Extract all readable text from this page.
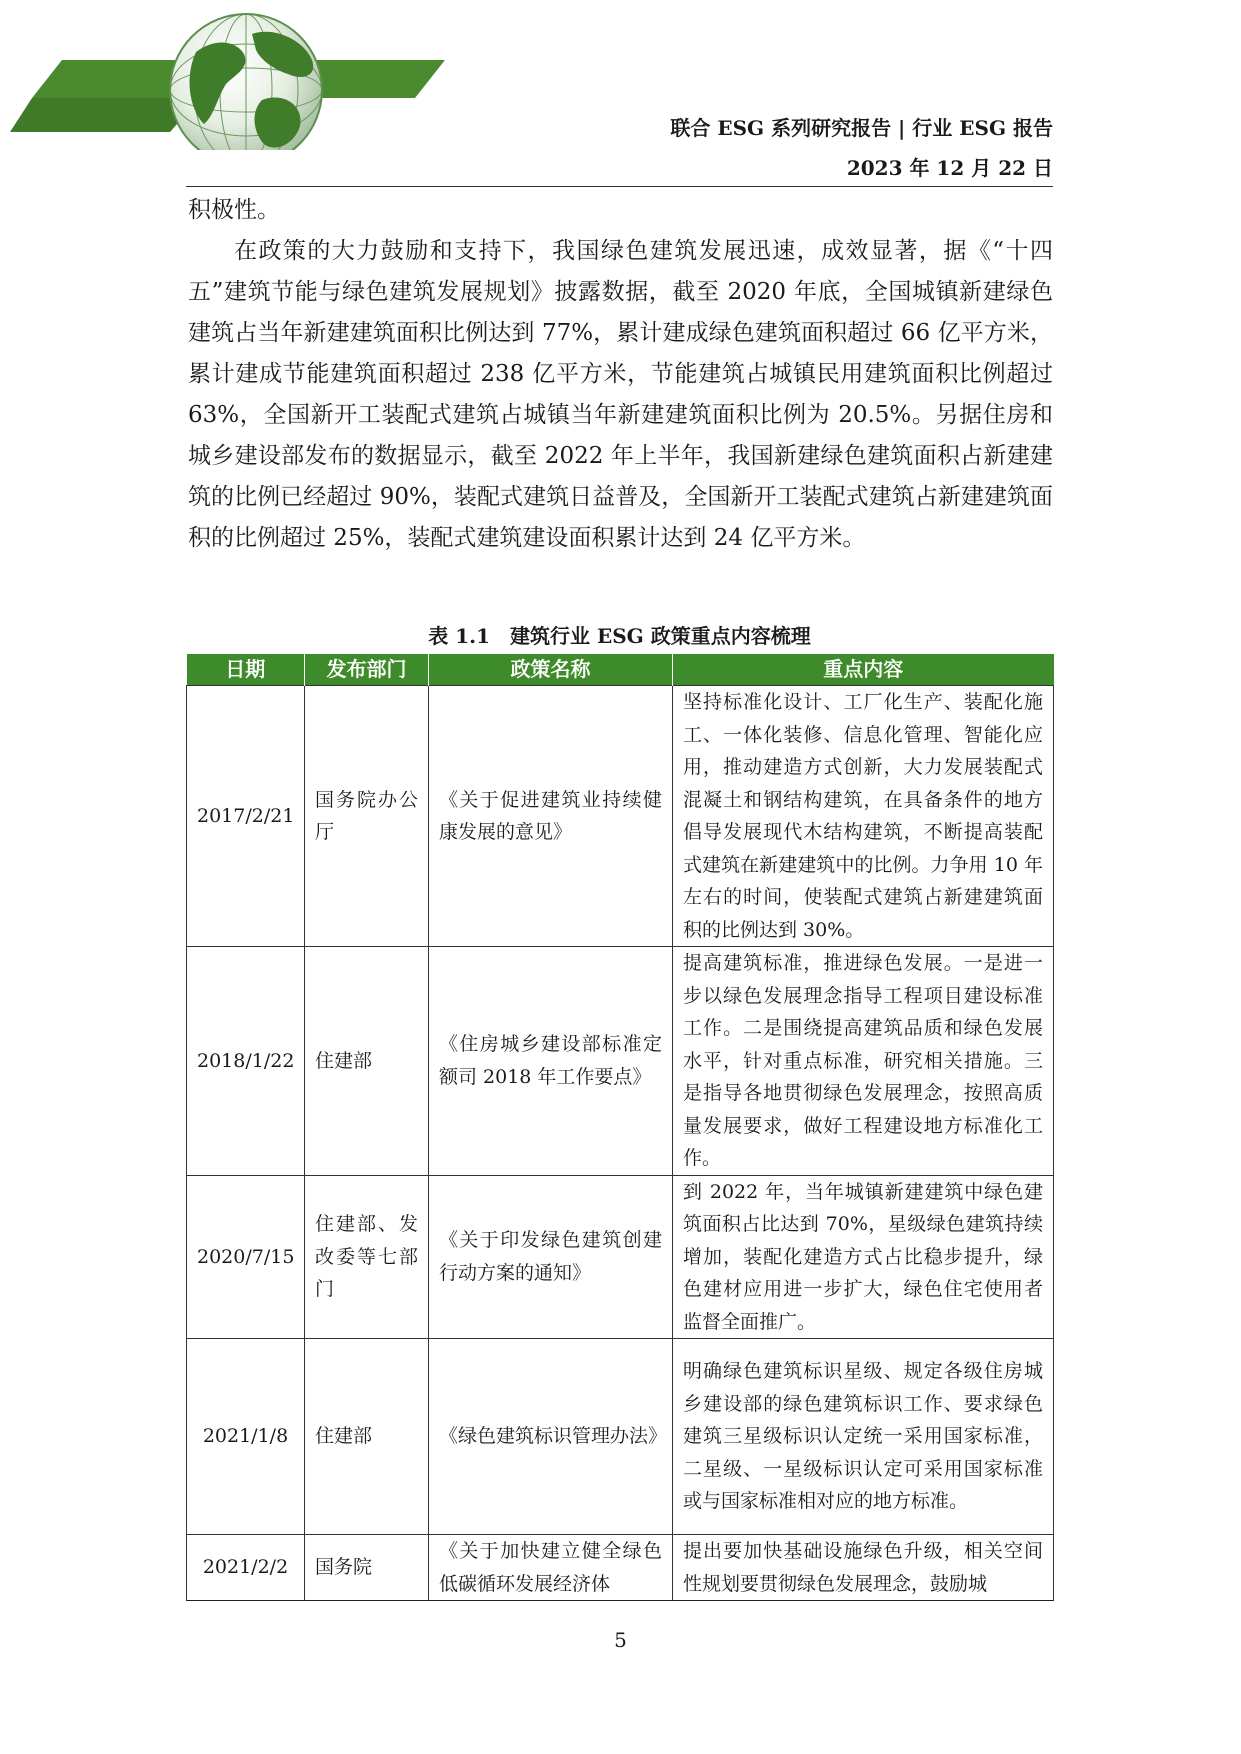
联合 ESG 系列研究报告 | 行业 ESG 报告
2023 年 12 月 22 日

积极性。

在政策的大力鼓励和支持下，我国绿色建筑发展迅速，成效显著，据《“十四五”建筑节能与绿色建筑发展规划》披露数据，截至 2020 年底，全国城镇新建绿色建筑占当年新建建筑面积比例达到 77%，累计建成绿色建筑面积超过 66 亿平方米，累计建成节能建筑面积超过 238 亿平方米，节能建筑占城镇民用建筑面积比例超过 63%，全国新开工装配式建筑占城镇当年新建建筑面积比例为 20.5%。另据住房和城乡建设部发布的数据显示，截至 2022 年上半年，我国新建绿色建筑面积占新建建筑的比例已经超过 90%，装配式建筑日益普及，全国新开工装配式建筑占新建建筑面积的比例超过 25%，装配式建筑建设面积累计达到 24 亿平方米。

表 1.1　建筑行业 ESG 政策重点内容梳理
日期	发布部门	政策名称	重点内容
2017/2/21	国务院办公厅	《关于促进建筑业持续健康发展的意见》	坚持标准化设计、工厂化生产、装配化施工、一体化装修、信息化管理、智能化应用，推动建造方式创新，大力发展装配式混凝土和钢结构建筑，在具备条件的地方倡导发展现代木结构建筑，不断提高装配式建筑在新建建筑中的比例。力争用 10 年左右的时间，使装配式建筑占新建建筑面积的比例达到 30%。
2018/1/22	住建部	《住房城乡建设部标准定额司 2018 年工作要点》	提高建筑标准，推进绿色发展。一是进一步以绿色发展理念指导工程项目建设标准工作。二是围绕提高建筑品质和绿色发展水平，针对重点标准，研究相关措施。三是指导各地贯彻绿色发展理念，按照高质量发展要求，做好工程建设地方标准化工作。
2020/7/15	住建部、发改委等七部门	《关于印发绿色建筑创建行动方案的通知》	到 2022 年，当年城镇新建建筑中绿色建筑面积占比达到 70%，星级绿色建筑持续增加，装配化建造方式占比稳步提升，绿色建材应用进一步扩大，绿色住宅使用者监督全面推广。
2021/1/8	住建部	《绿色建筑标识管理办法》	明确绿色建筑标识星级、规定各级住房城乡建设部的绿色建筑标识工作、要求绿色建筑三星级标识认定统一采用国家标准，二星级、一星级标识认定可采用国家标准或与国家标准相对应的地方标准。
2021/2/2	国务院	《关于加快建立健全绿色低碳循环发展经济体	提出要加快基础设施绿色升级，相关空间性规划要贯彻绿色发展理念，鼓励城
5
